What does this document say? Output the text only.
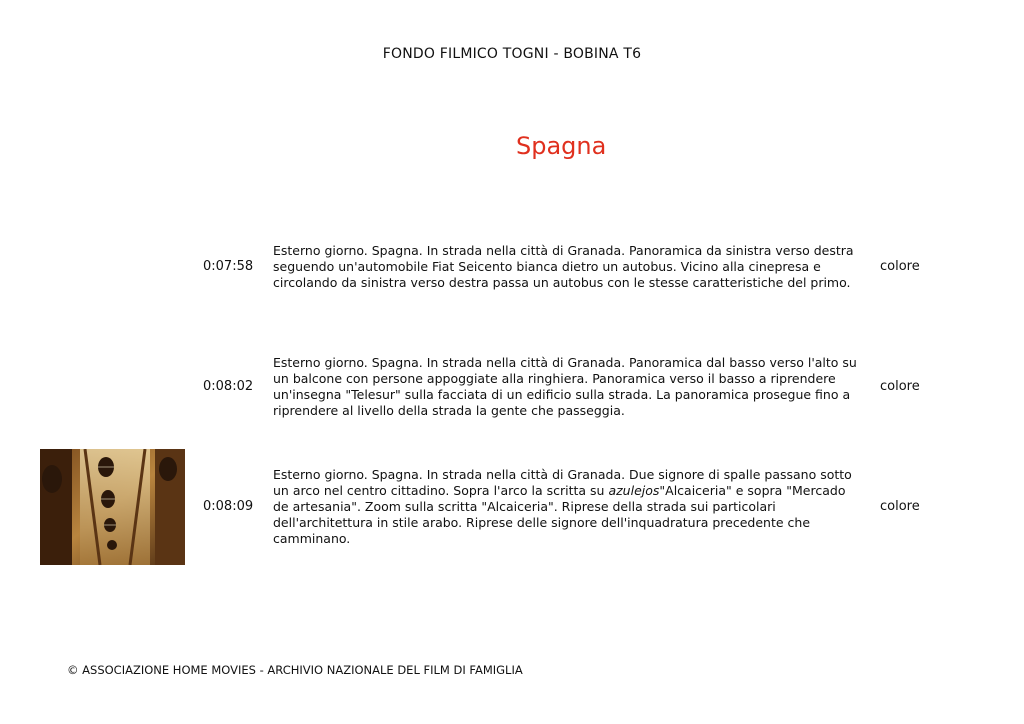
FONDO FILMICO TOGNI - BOBINA T6
Spagna
0:07:58
Esterno giorno. Spagna. In strada nella città di Granada. Panoramica da sinistra verso destra seguendo un'automobile Fiat Seicento bianca dietro un autobus. Vicino alla cinepresa e circolando da sinistra verso destra passa un autobus con le stesse caratteristiche del primo.
colore
0:08:02
Esterno giorno. Spagna. In strada nella città di Granada. Panoramica dal basso verso l'alto su un balcone con persone appoggiate alla ringhiera. Panoramica verso il basso a riprendere un'insegna "Telesur" sulla facciata di un edificio sulla strada. La panoramica prosegue fino a riprendere al livello della strada la gente che passeggia.
colore
0:08:09
Esterno giorno. Spagna. In strada nella città di Granada. Due signore di spalle passano sotto un arco nel centro cittadino. Sopra l'arco la scritta su azulejos"Alcaiceria" e sopra "Mercado de artesania". Zoom sulla scritta "Alcaiceria". Riprese della strada sui particolari dell'architettura in stile arabo. Riprese delle signore dell'inquadratura precedente che camminano.
colore
© ASSOCIAZIONE HOME MOVIES - ARCHIVIO NAZIONALE DEL FILM DI FAMIGLIA
